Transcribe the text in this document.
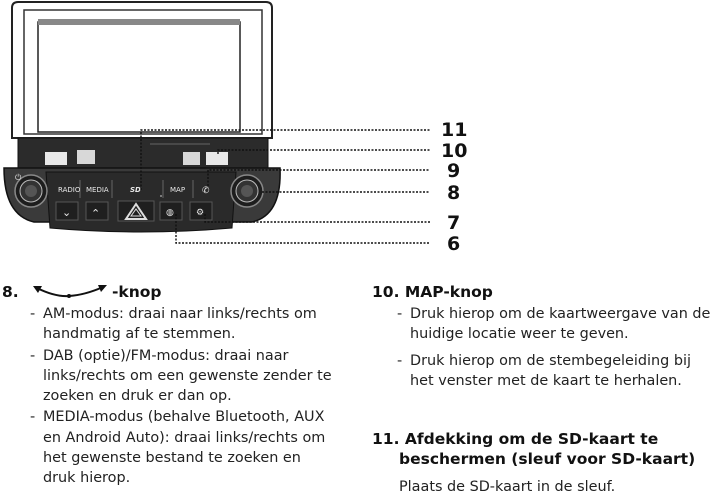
⏻
RADIO MEDIA	SD	MAP ✆
⌄ ⌃	◍ ⚙
11
10
9
8
7
6
8.	-knop
- AM-modus: draai naar links/rechts om handmatig af te stemmen.
- DAB (optie)/FM-modus: draai naar links/rechts om een gewenste zender te zoeken en druk er dan op.
- MEDIA-modus (behalve Bluetooth, AUX en Android Auto): draai links/rechts om het gewenste bestand te zoeken en druk hierop.
10. MAP-knop
- Druk hierop om de kaartweergave van de huidige locatie weer te geven.
- Druk hierop om de stembegeleiding bij het venster met de kaart te herhalen.
11. Afdekking om de SD-kaart te
beschermen (sleuf voor SD-kaart)
Plaats de SD-kaart in de sleuf.
